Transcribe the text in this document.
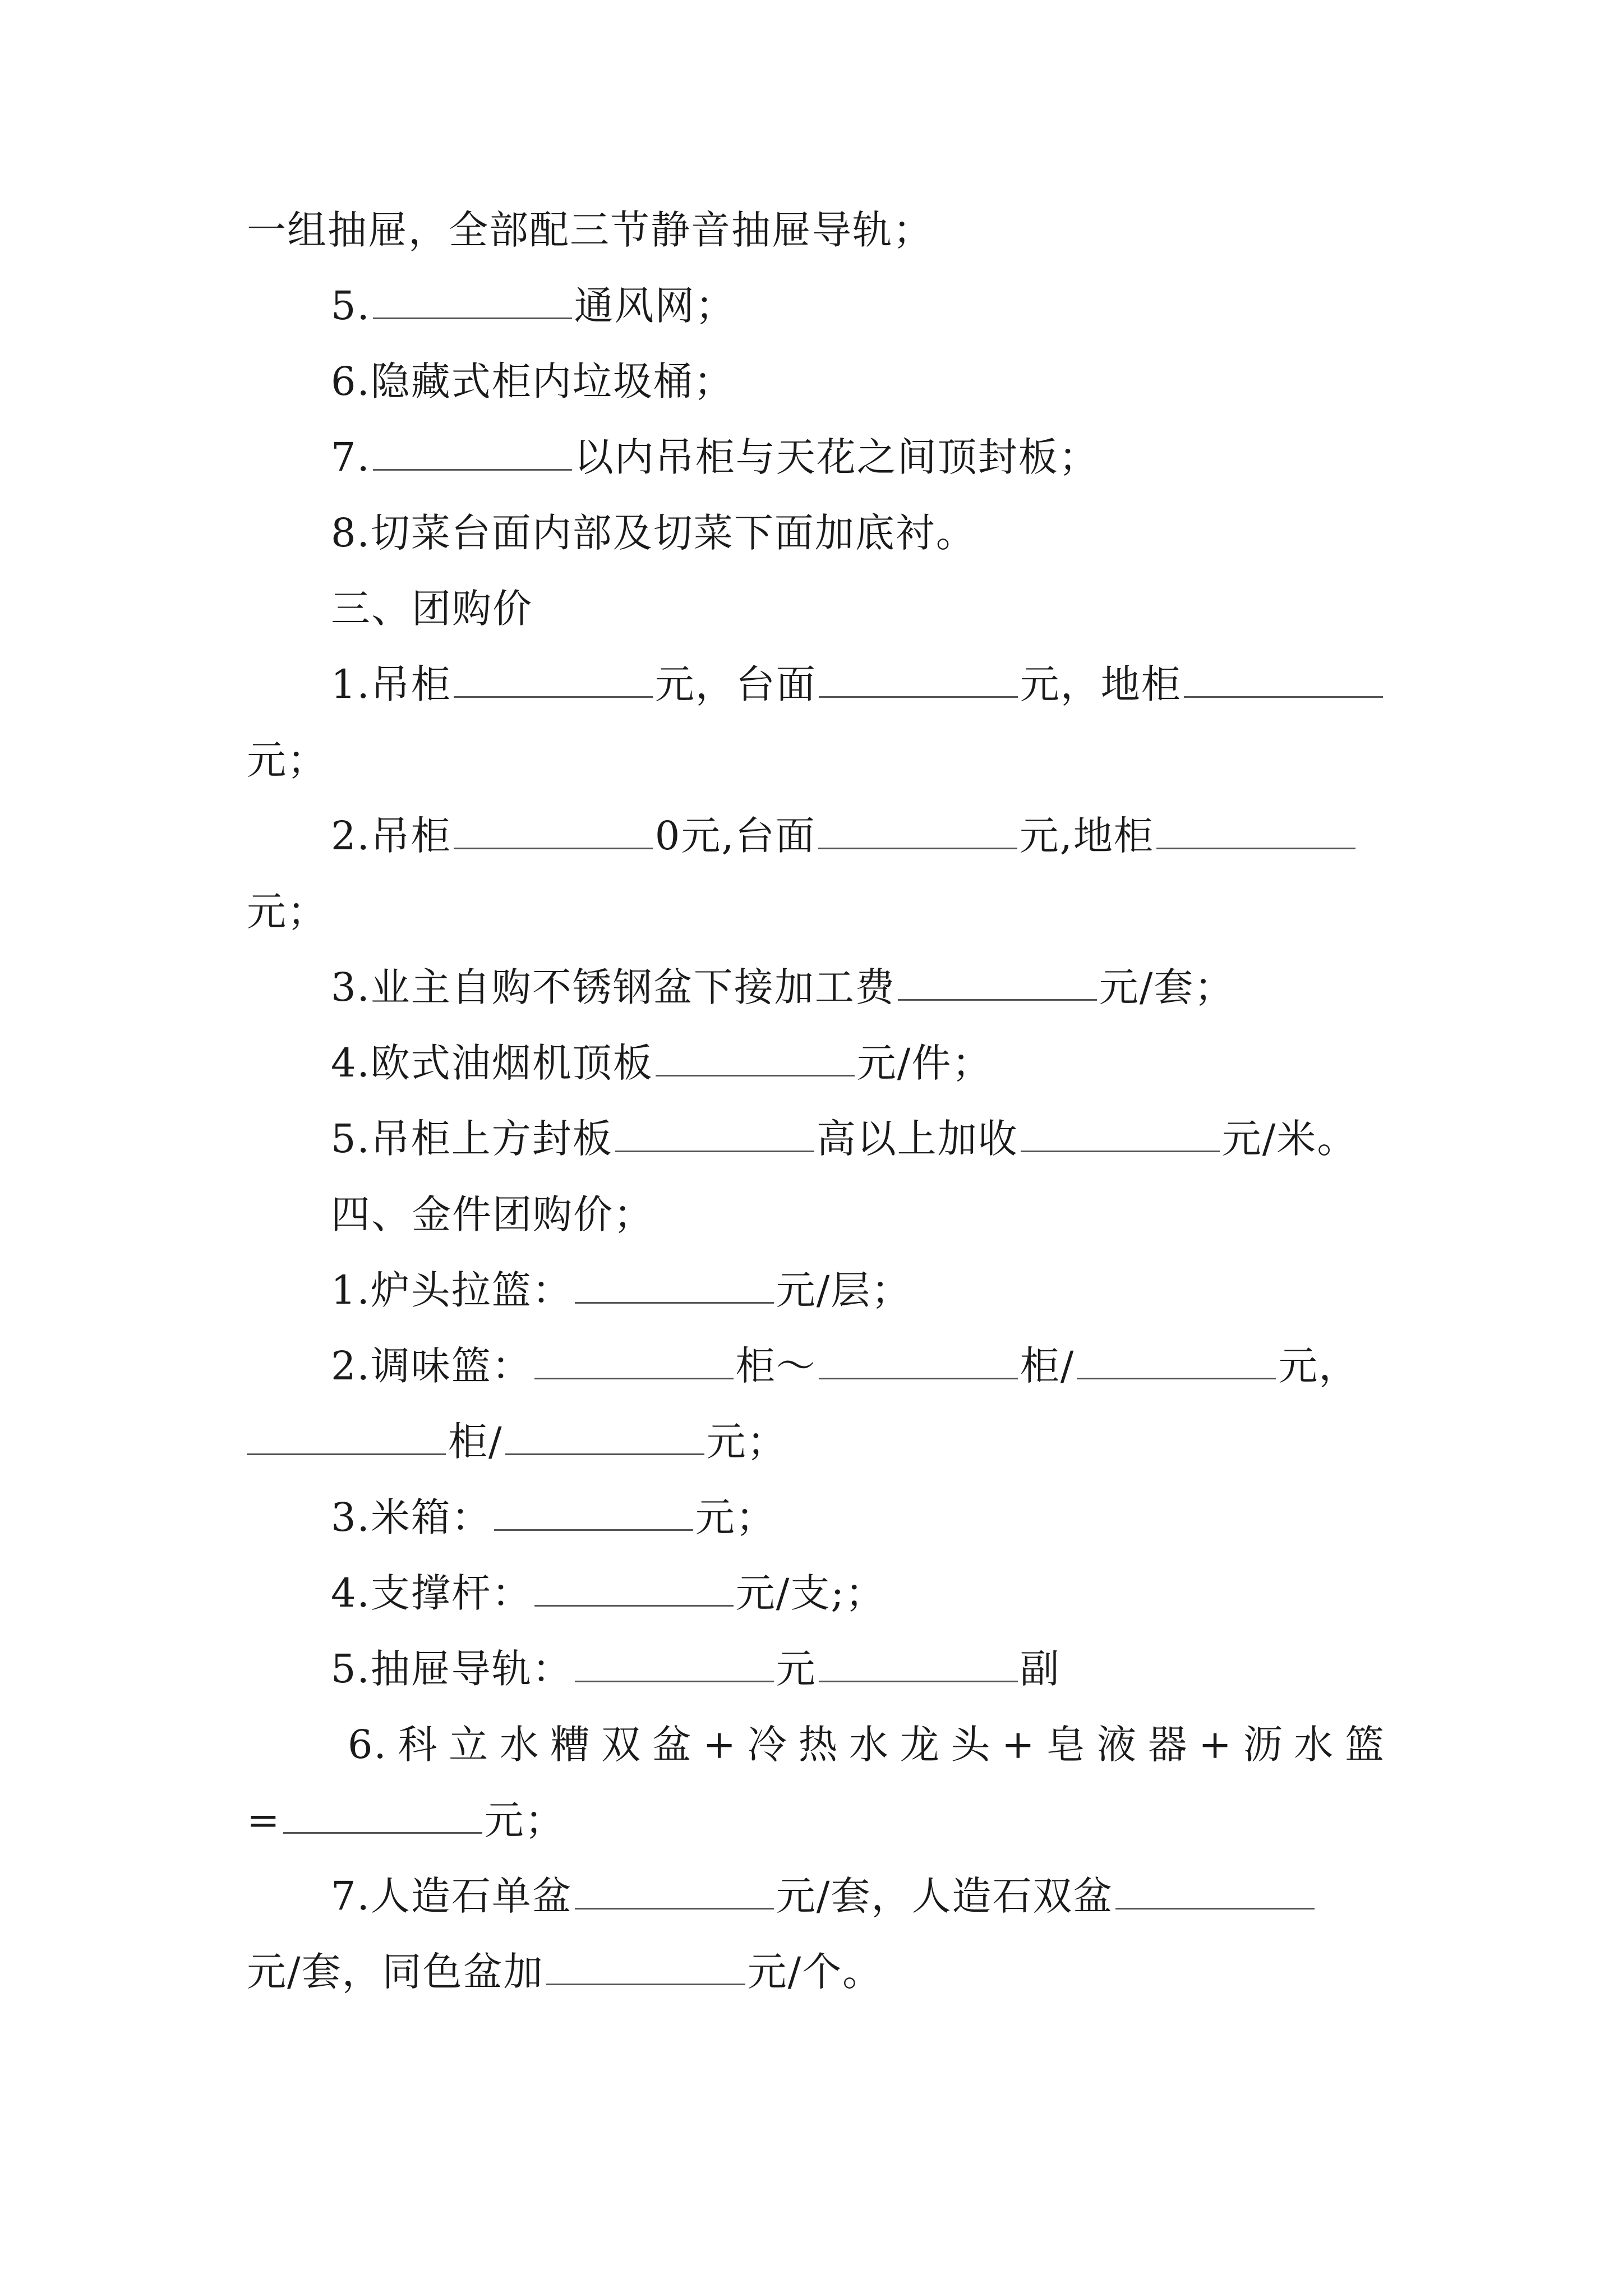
一组抽屉，全部配三节静音抽屉导轨；
5.	通风网；
6.隐藏式柜内垃圾桶；
7.	以内吊柜与天花之间顶封板；
8.切菜台面内部及切菜下面加底衬。
三、团购价
1.吊柜	元，台面	元，地柜
元；
2.吊柜	0元,台面	元,地柜
元；
3.业主自购不锈钢盆下接加工费	元/套；
4.欧式油烟机顶板	元/件；
5.吊柜上方封板	高以上加收	元/米。
四、金件团购价；
1.炉头拉篮：	元/层；
2.调味篮：	柜～	柜/	元，
柜/	元；
3.米箱：	元；
4.支撑杆：	元/支;；
5.抽屉导轨：	元	副
6. 科 立 水 糟 双 盆 + 冷 热 水 龙 头 + 皂 液 器 + 沥 水 篮
=	元；
7.人造石单盆	元/套，人造石双盆
元/套，同色盆加	元/个。
